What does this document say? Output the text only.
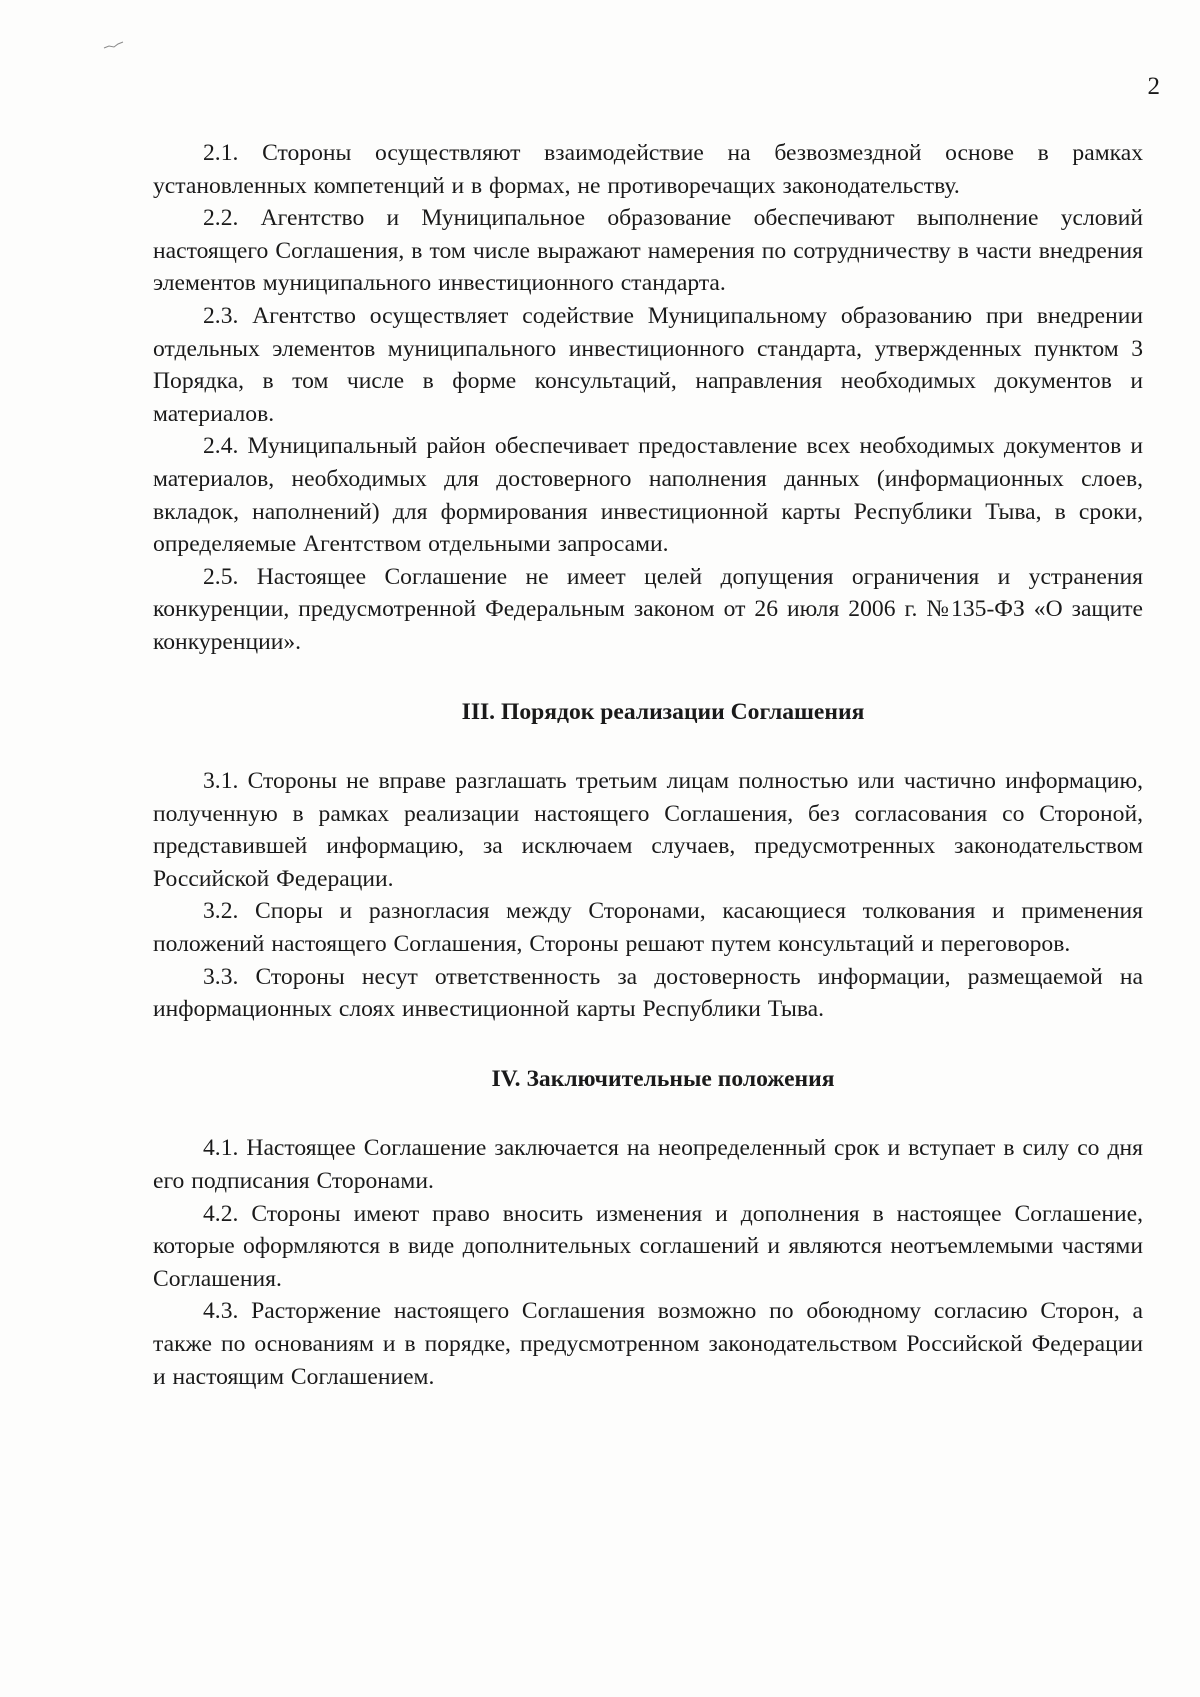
2

2.1. Стороны осуществляют взаимодействие на безвозмездной основе в рамках установленных компетенций и в формах, не противоречащих законодательству.

2.2. Агентство и Муниципальное образование обеспечивают выполнение условий настоящего Соглашения, в том числе выражают намерения по сотрудничеству в части внедрения элементов муниципального инвестиционного стандарта.

2.3. Агентство осуществляет содействие Муниципальному образованию при внедрении отдельных элементов муниципального инвестиционного стандарта, утвержденных пунктом 3 Порядка, в том числе в форме консультаций, направления необходимых документов и материалов.

2.4. Муниципальный район обеспечивает предоставление всех необходимых документов и материалов, необходимых для достоверного наполнения данных (информационных слоев, вкладок, наполнений) для формирования инвестиционной карты Республики Тыва, в сроки, определяемые Агентством отдельными запросами.

2.5. Настоящее Соглашение не имеет целей допущения ограничения и устранения конкуренции, предусмотренной Федеральным законом от 26 июля 2006 г. №135-ФЗ «О защите конкуренции».

III. Порядок реализации Соглашения

3.1. Стороны не вправе разглашать третьим лицам полностью или частично информацию, полученную в рамках реализации настоящего Соглашения, без согласования со Стороной, представившей информацию, за исключаем случаев, предусмотренных законодательством Российской Федерации.

3.2. Споры и разногласия между Сторонами, касающиеся толкования и применения положений настоящего Соглашения, Стороны решают путем консультаций и переговоров.

3.3. Стороны несут ответственность за достоверность информации, размещаемой на информационных слоях инвестиционной карты Республики Тыва.

IV. Заключительные положения

4.1. Настоящее Соглашение заключается на неопределенный срок и вступает в силу со дня его подписания Сторонами.

4.2. Стороны имеют право вносить изменения и дополнения в настоящее Соглашение, которые оформляются в виде дополнительных соглашений и являются неотъемлемыми частями Соглашения.

4.3. Расторжение настоящего Соглашения возможно по обоюдному согласию Сторон, а также по основаниям и в порядке, предусмотренном законодательством Российской Федерации и настоящим Соглашением.
